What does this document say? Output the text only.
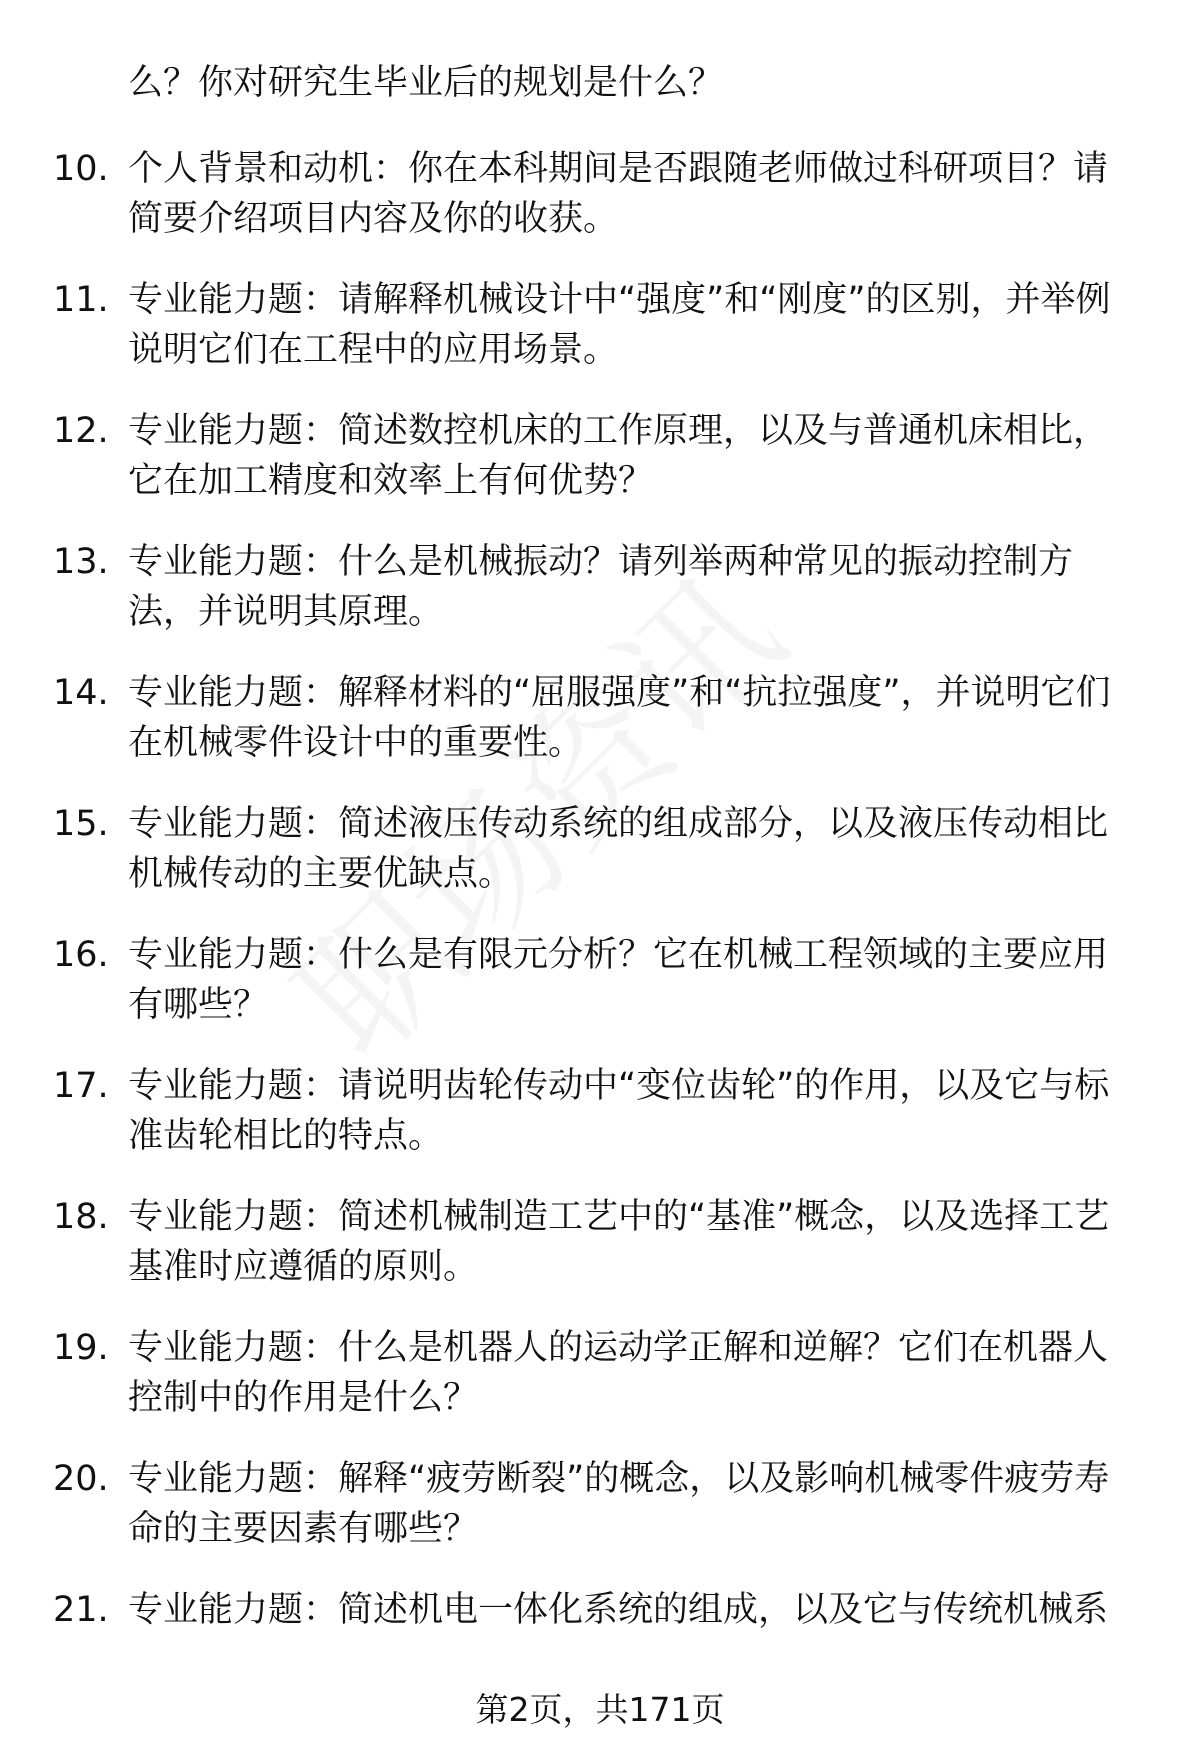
么？你对研究生毕业后的规划是什么？
10. 个人背景和动机：你在本科期间是否跟随老师做过科研项目？请简要介绍项目内容及你的收获。
11. 专业能力题：请解释机械设计中“强度”和“刚度”的区别，并举例说明它们在工程中的应用场景。
12. 专业能力题：简述数控机床的工作原理，以及与普通机床相比，它在加工精度和效率上有何优势？
13. 专业能力题：什么是机械振动？请列举两种常见的振动控制方法，并说明其原理。
14. 专业能力题：解释材料的“屈服强度”和“抗拉强度”，并说明它们在机械零件设计中的重要性。
15. 专业能力题：简述液压传动系统的组成部分，以及液压传动相比机械传动的主要优缺点。
16. 专业能力题：什么是有限元分析？它在机械工程领域的主要应用有哪些？
17. 专业能力题：请说明齿轮传动中“变位齿轮”的作用，以及它与标准齿轮相比的特点。
18. 专业能力题：简述机械制造工艺中的“基准”概念，以及选择工艺基准时应遵循的原则。
19. 专业能力题：什么是机器人的运动学正解和逆解？它们在机器人控制中的作用是什么？
20. 专业能力题：解释“疲劳断裂”的概念，以及影响机械零件疲劳寿命的主要因素有哪些？
21. 专业能力题：简述机电一体化系统的组成，以及它与传统机械系
第2页，共171页
